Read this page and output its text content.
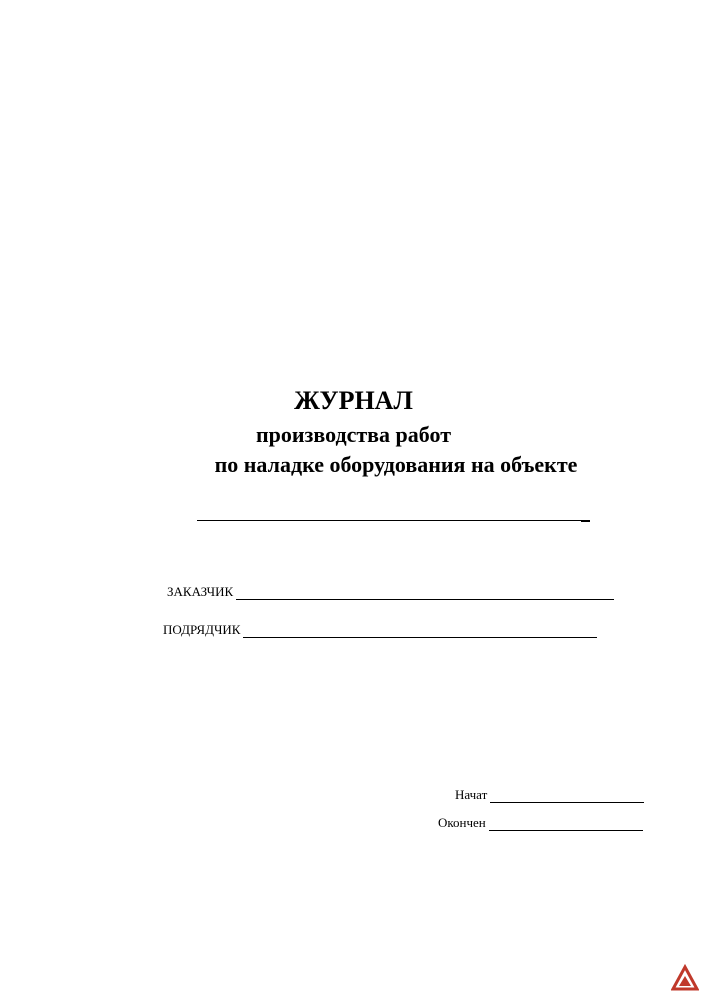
ЖУРНАЛ
производства работ
по наладке оборудования на объекте
ЗАКАЗЧИК
ПОДРЯДЧИК
Начат
Окончен
